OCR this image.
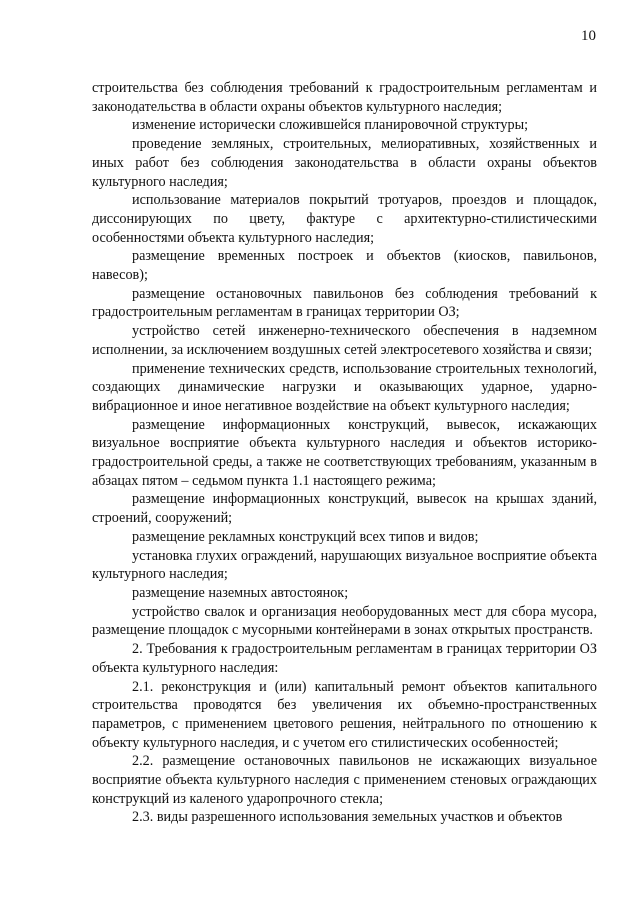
10

строительства без соблюдения требований к градостроительным регламентам и законодательства в области охраны объектов культурного наследия;

изменение исторически сложившейся планировочной структуры;

проведение земляных, строительных, мелиоративных, хозяйственных и иных работ без соблюдения законодательства в области охраны объектов культурного наследия;

использование материалов покрытий тротуаров, проездов и площадок, диссонирующих по цвету, фактуре с архитектурно-стилистическими особенностями объекта культурного наследия;

размещение временных построек и объектов (киосков, павильонов, навесов);

размещение остановочных павильонов без соблюдения требований к градостроительным регламентам в границах территории ОЗ;

устройство сетей инженерно-технического обеспечения в надземном исполнении, за исключением воздушных сетей электросетевого хозяйства и связи;

применение технических средств, использование строительных технологий, создающих динамические нагрузки и оказывающих ударное, ударно-вибрационное и иное негативное воздействие на объект культурного наследия;

размещение информационных конструкций, вывесок, искажающих визуальное восприятие объекта культурного наследия и объектов историко-градостроительной среды, а также не соответствующих требованиям, указанным в абзацах пятом – седьмом пункта 1.1 настоящего режима;

размещение информационных конструкций, вывесок на крышах зданий, строений, сооружений;

размещение рекламных конструкций всех типов и видов;

установка глухих ограждений, нарушающих визуальное восприятие объекта культурного наследия;

размещение наземных автостоянок;

устройство свалок и организация необорудованных мест для сбора мусора, размещение площадок с мусорными контейнерами в зонах открытых пространств.

2. Требования к градостроительным регламентам в границах территории ОЗ объекта культурного наследия:

2.1. реконструкция и (или) капитальный ремонт объектов капитального строительства проводятся без увеличения их объемно-пространственных параметров, с применением цветового решения, нейтрального по отношению к объекту культурного наследия, и с учетом его стилистических особенностей;

2.2. размещение остановочных павильонов не искажающих визуальное восприятие объекта культурного наследия с применением стеновых ограждающих конструкций из каленого ударопрочного стекла;

2.3. виды разрешенного использования земельных участков и объектов
